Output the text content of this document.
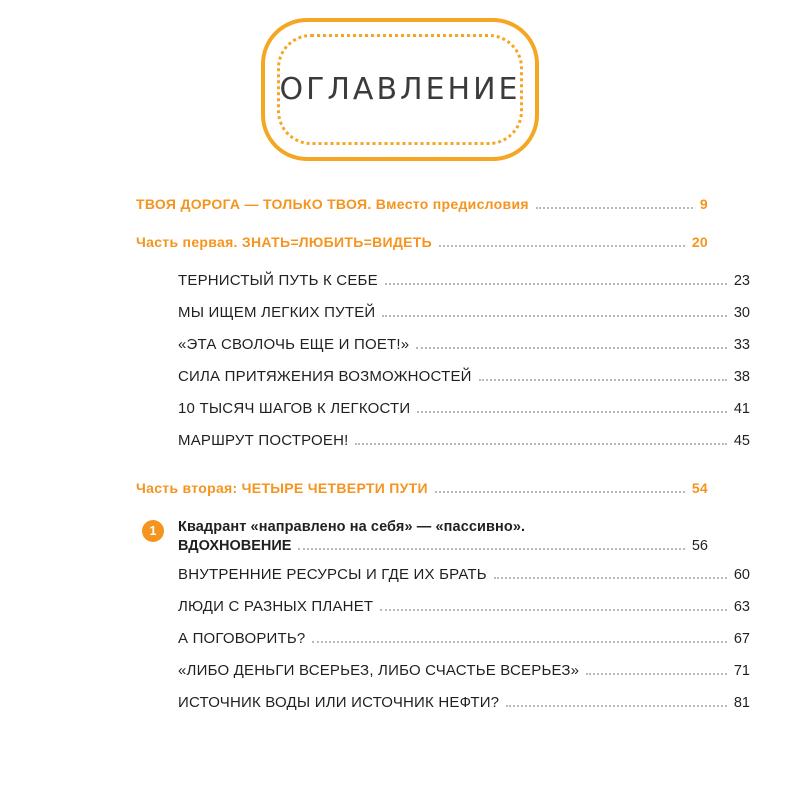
ОГЛАВЛЕНИЕ
ТВОЯ ДОРОГА — ТОЛЬКО ТВОЯ. Вместо предисловия	9
Часть первая. ЗНАТЬ=ЛЮБИТЬ=ВИДЕТЬ	20
ТЕРНИСТЫЙ ПУТЬ К СЕБЕ	23
МЫ ИЩЕМ ЛЕГКИХ ПУТЕЙ	30
«ЭТА СВОЛОЧЬ ЕЩЕ И ПОЕТ!»	33
СИЛА ПРИТЯЖЕНИЯ ВОЗМОЖНОСТЕЙ	38
10 ТЫСЯЧ ШАГОВ К ЛЕГКОСТИ	41
МАРШРУТ ПОСТРОЕН!	45
Часть вторая: ЧЕТЫРЕ ЧЕТВЕРТИ ПУТИ	54
1	Квадрант «направлено на себя» — «пассивно».
ВДОХНОВЕНИЕ	56
ВНУТРЕННИЕ РЕСУРСЫ И ГДЕ ИХ БРАТЬ	60
ЛЮДИ С РАЗНЫХ ПЛАНЕТ	63
А ПОГОВОРИТЬ?	67
«ЛИБО ДЕНЬГИ ВСЕРЬЕЗ, ЛИБО СЧАСТЬЕ ВСЕРЬЕЗ»	71
ИСТОЧНИК ВОДЫ ИЛИ ИСТОЧНИК НЕФТИ?	81
